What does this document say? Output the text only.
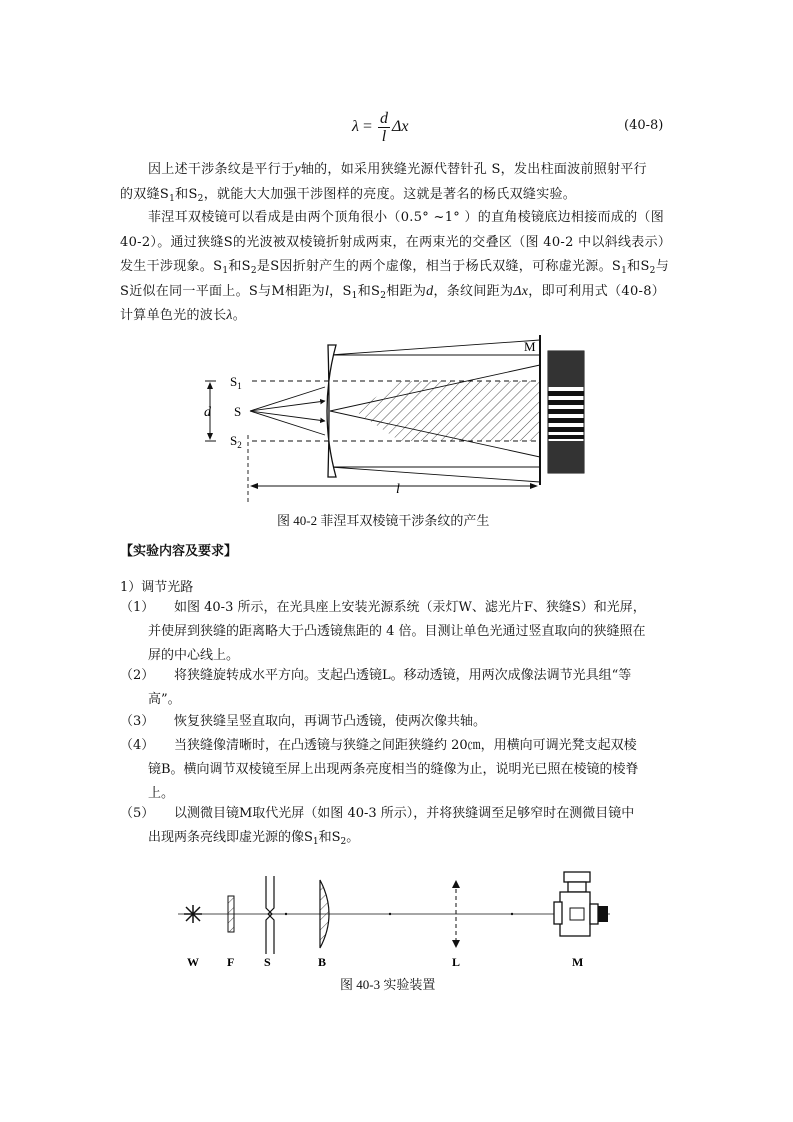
$\lambda = \frac{d}{l}$ Δx	(40-8)
因上述干涉条纹是平行于y轴的，如采用狭缝光源代替针孔 S，发出柱面波前照射平行
的双缝$S_1$和$S_2$，就能大大加强干涉图样的亮度。这就是著名的杨氏双缝实验。
菲涅耳双棱镜可以看成是由两个顶角很小（0.5° ~1° ）的直角棱镜底边相接而成的（图
40-2）。通过狭缝S的光波被双棱镜折射成两束，在两束光的交叠区（图 40-2 中以斜线表示）
发生干涉现象。$S_1$和$S_2$是S因折射产生的两个虚像，相当于杨氏双缝，可称虚光源。$S_1$和$S_2$与
S近似在同一平面上。S与M相距为l，$S_1$和$S_2$相距为d，条纹间距为Δx，即可利用式（40-8）
计算单色光的波长λ。
M
$S_1$
S
$S_2$
d
l
图 40-2 菲涅耳双棱镜干涉条纹的产生
【实验内容及要求】
1）调节光路
（1）	如图 40-3 所示，在光具座上安装光源系统（汞灯W、滤光片F、狭缝S）和光屏，
并使屏到狭缝的距离略大于凸透镜焦距的 4 倍。目测让单色光通过竖直取向的狭缝照在
屏的中心线上。
（2）	将狭缝旋转成水平方向。支起凸透镜L。移动透镜，用两次成像法调节光具组“等
高”。
（3）	恢复狭缝呈竖直取向，再调节凸透镜，使两次像共轴。
（4）	当狭缝像清晰时，在凸透镜与狭缝之间距狭缝约 20㎝，用横向可调光凳支起双棱
镜B。横向调节双棱镜至屏上出现两条亮度相当的缝像为止，说明光已照在棱镜的棱脊
上。
（5）	以测微目镜M取代光屏（如图 40-3 所示），并将狭缝调至足够窄时在测微目镜中
出现两条亮线即虚光源的像$S_1$和$S_2$。
W F S	B	L	M
图 40-3 实验装置
